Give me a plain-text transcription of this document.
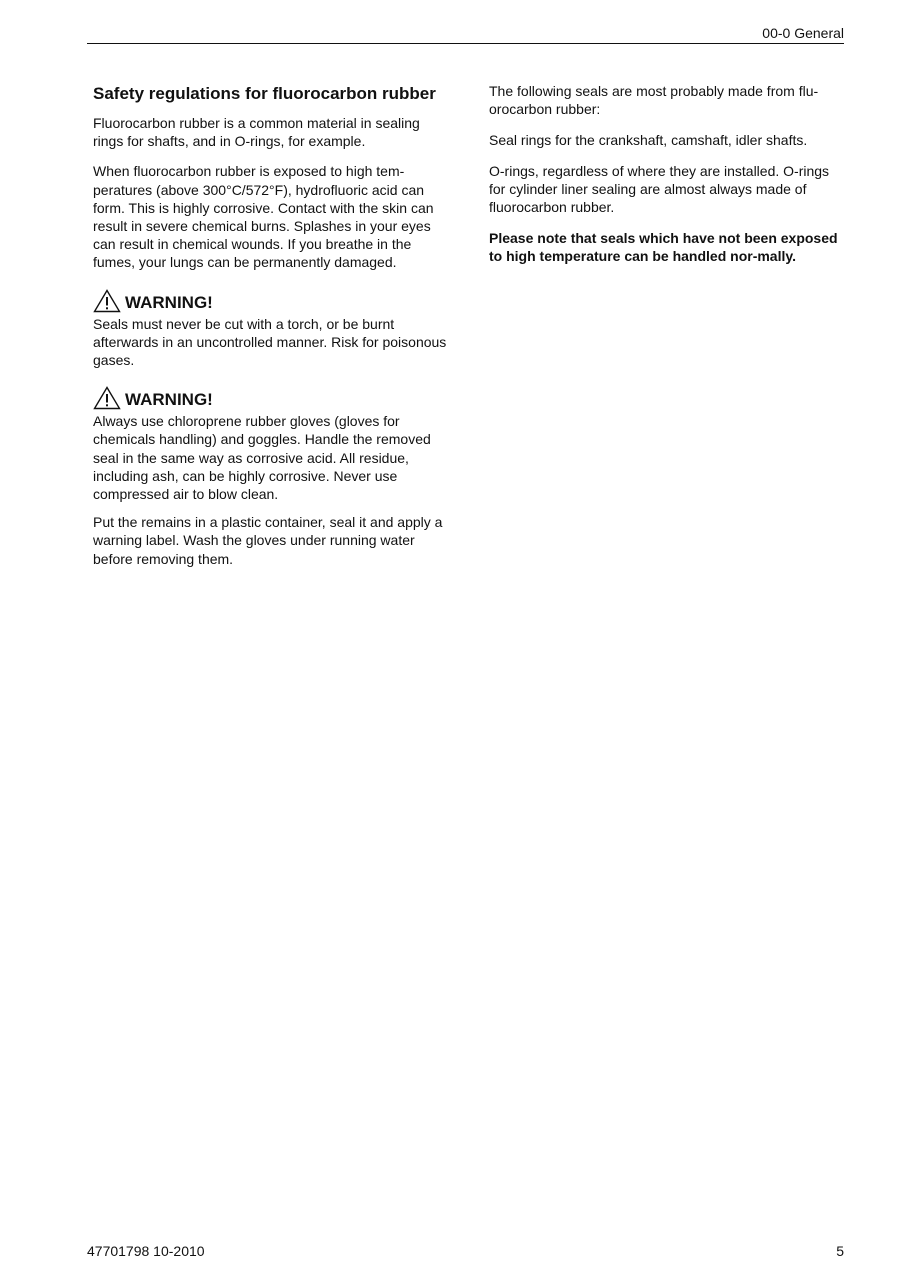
00-0 General
Safety regulations for fluorocarbon rubber

Fluorocarbon rubber is a common material in sealing rings for shafts, and in O-rings, for example.

When fluorocarbon rubber is exposed to high tem-peratures (above 300°C/572°F), hydrofluoric acid can form. This is highly corrosive. Contact with the skin can result in severe chemical burns. Splashes in your eyes can result in chemical wounds. If you breathe in the fumes, your lungs can be permanently damaged.

WARNING!

Seals must never be cut with a torch, or be burnt afterwards in an uncontrolled manner. Risk for poisonous gases.

WARNING!

Always use chloroprene rubber gloves (gloves for chemicals handling) and goggles. Handle the removed seal in the same way as corrosive acid. All residue, including ash, can be highly corrosive. Never use compressed air to blow clean.

Put the remains in a plastic container, seal it and apply a warning label. Wash the gloves under running water before removing them.

The following seals are most probably made from flu-orocarbon rubber:

Seal rings for the crankshaft, camshaft, idler shafts.

O-rings, regardless of where they are installed. O-rings for cylinder liner sealing are almost always made of fluorocarbon rubber.

Please note that seals which have not been exposed to high temperature can be handled nor-mally.

47701798 10-2010	5
